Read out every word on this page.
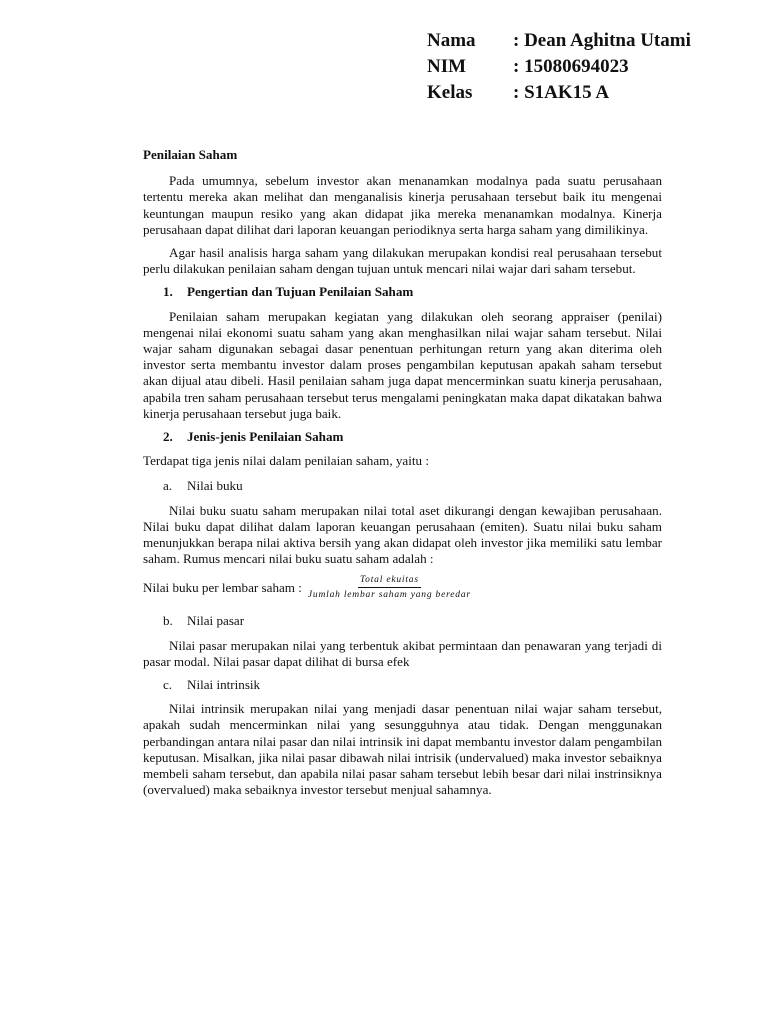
Nama	: Dean Aghitna Utami
NIM	: 15080694023
Kelas	: S1AK15 A

Penilaian Saham

Pada umumnya, sebelum investor akan menanamkan modalnya pada suatu perusahaan tertentu mereka akan melihat dan menganalisis kinerja perusahaan tersebut baik itu mengenai keuntungan maupun resiko yang akan didapat jika mereka menanamkan modalnya. Kinerja perusahaan dapat dilihat dari laporan keuangan periodiknya serta harga saham yang dimilikinya.

Agar hasil analisis harga saham yang dilakukan merupakan kondisi real perusahaan tersebut perlu dilakukan penilaian saham dengan tujuan untuk mencari nilai wajar dari saham tersebut.

1. Pengertian dan Tujuan Penilaian Saham

Penilaian saham merupakan kegiatan yang dilakukan oleh seorang appraiser (penilai) mengenai nilai ekonomi suatu saham yang akan menghasilkan nilai wajar saham tersebut. Nilai wajar saham digunakan sebagai dasar penentuan perhitungan return yang akan diterima oleh investor serta membantu investor dalam proses pengambilan keputusan apakah saham tersebut akan dijual atau dibeli. Hasil penilaian saham juga dapat mencerminkan suatu kinerja perusahaan, apabila tren saham perusahaan tersebut terus mengalami peningkatan maka dapat dikatakan bahwa kinerja perusahaan tersebut juga baik.

2. Jenis-jenis Penilaian Saham

Terdapat tiga jenis nilai dalam penilaian saham, yaitu :

a. Nilai buku

Nilai buku suatu saham merupakan nilai total aset dikurangi dengan kewajiban perusahaan. Nilai buku dapat dilihat dalam laporan keuangan perusahaan (emiten). Suatu nilai buku saham menunjukkan berapa nilai aktiva bersih yang akan didapat oleh investor jika memiliki satu lembar saham. Rumus mencari nilai buku suatu saham adalah :

Nilai buku per lembar saham : $\frac{\text{Total ekuitas}}{\text{Jumlah lembar saham yang beredar}}$

b. Nilai pasar

Nilai pasar merupakan nilai yang terbentuk akibat permintaan dan penawaran yang terjadi di pasar modal. Nilai pasar dapat dilihat di bursa efek

c. Nilai intrinsik

Nilai intrinsik merupakan nilai yang menjadi dasar penentuan nilai wajar saham tersebut, apakah sudah mencerminkan nilai yang sesungguhnya atau tidak. Dengan menggunakan perbandingan antara nilai pasar dan nilai intrinsik ini dapat membantu investor dalam pengambilan keputusan. Misalkan, jika nilai pasar dibawah nilai intrisik (undervalued) maka investor sebaiknya membeli saham tersebut, dan apabila nilai pasar saham tersebut lebih besar dari nilai instrinsiknya (overvalued) maka sebaiknya investor tersebut menjual sahamnya.
